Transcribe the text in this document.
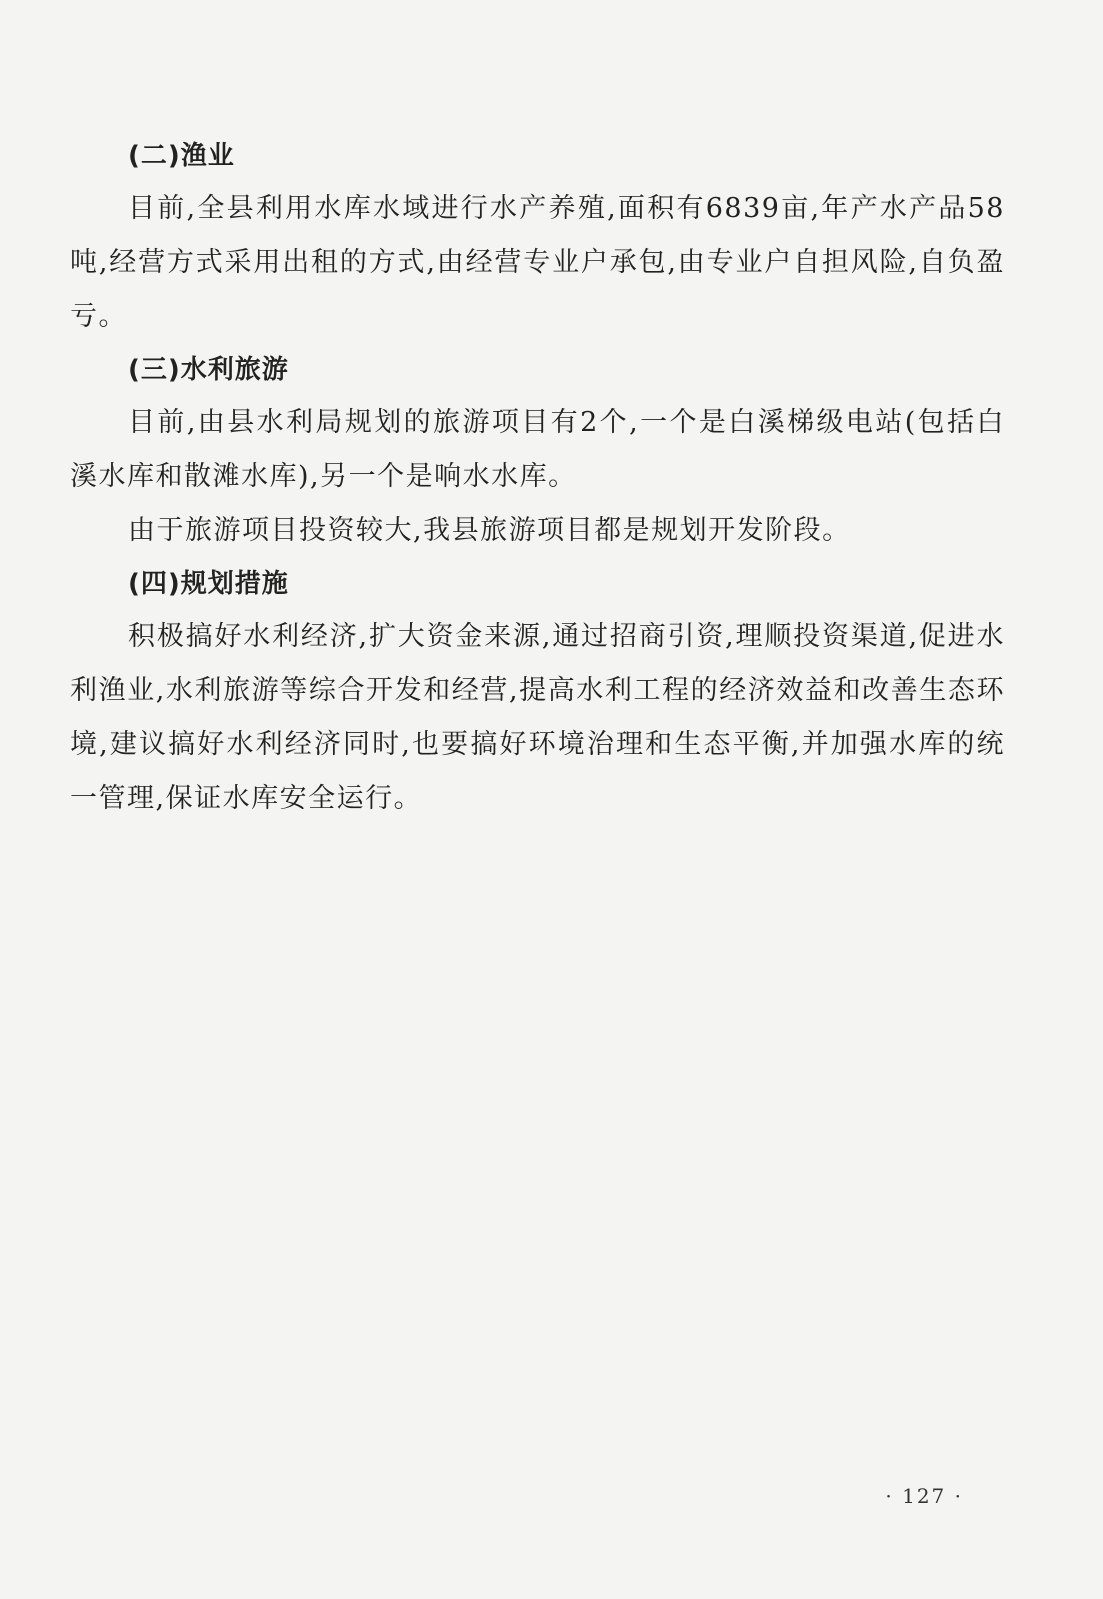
(二)渔业

目前,全县利用水库水域进行水产养殖,面积有6839亩,年产水产品58吨,经营方式采用出租的方式,由经营专业户承包,由专业户自担风险,自负盈亏。

(三)水利旅游

目前,由县水利局规划的旅游项目有2个,一个是白溪梯级电站(包括白溪水库和散滩水库),另一个是响水水库。

由于旅游项目投资较大,我县旅游项目都是规划开发阶段。

(四)规划措施

积极搞好水利经济,扩大资金来源,通过招商引资,理顺投资渠道,促进水利渔业,水利旅游等综合开发和经营,提高水利工程的经济效益和改善生态环境,建议搞好水利经济同时,也要搞好环境治理和生态平衡,并加强水库的统一管理,保证水库安全运行。

· 127 ·
